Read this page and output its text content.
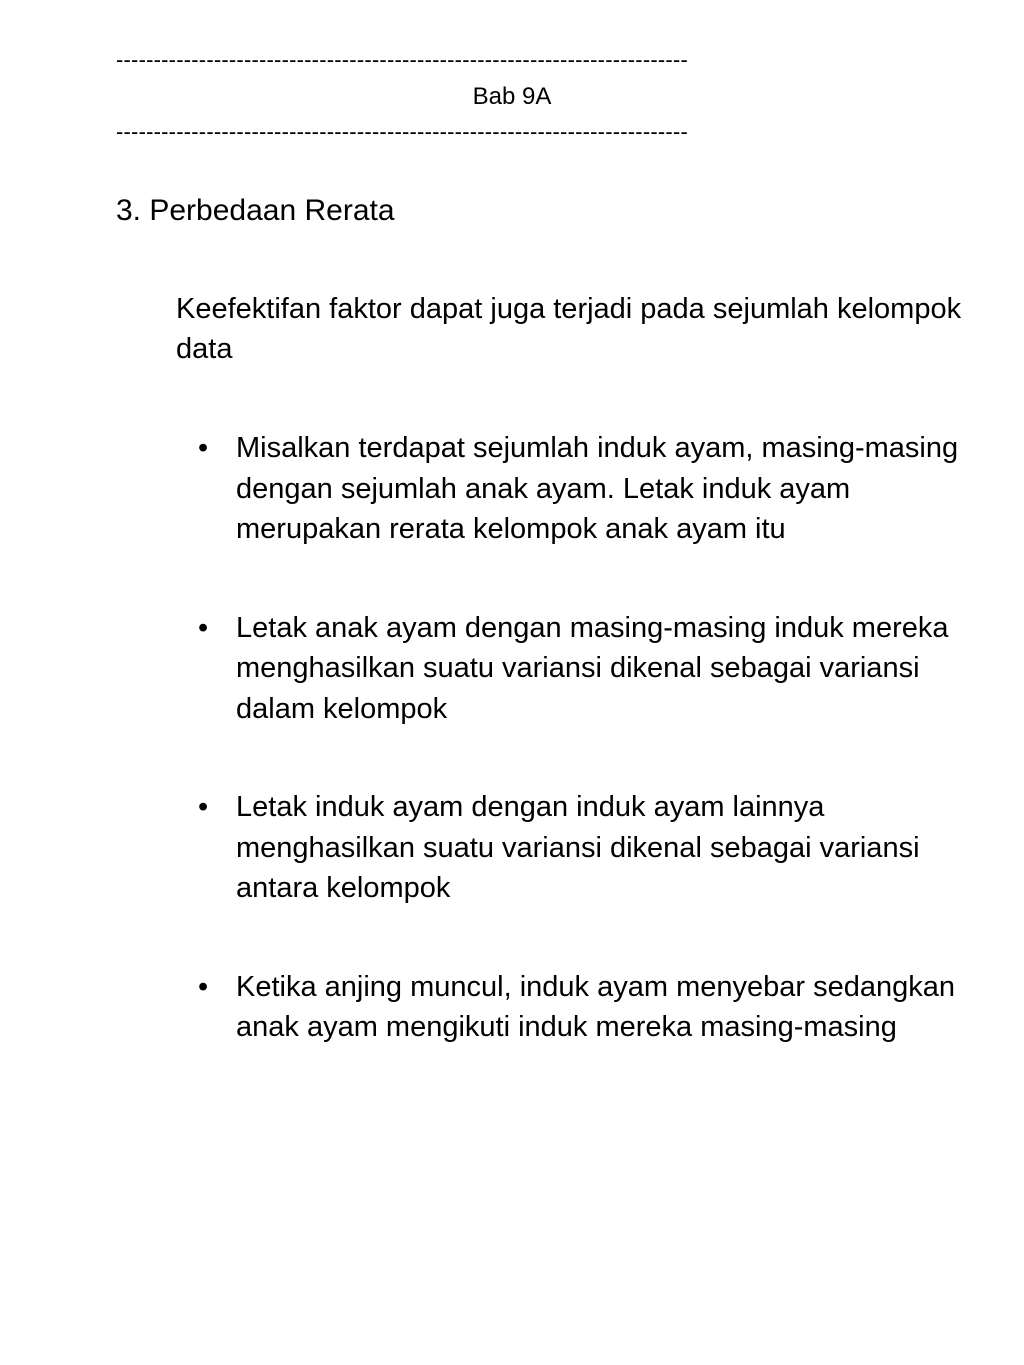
----------------------------------------------------------------------------
Bab 9A
----------------------------------------------------------------------------
3. Perbedaan Rerata
Keefektifan faktor dapat juga terjadi pada sejumlah kelompok data
• Misalkan terdapat sejumlah induk ayam, masing-masing dengan sejumlah anak ayam. Letak induk ayam merupakan rerata kelompok anak ayam itu
• Letak anak ayam dengan masing-masing induk mereka menghasilkan suatu variansi dikenal sebagai variansi dalam kelompok
• Letak induk ayam dengan induk ayam lainnya menghasilkan suatu variansi dikenal sebagai variansi antara kelompok
• Ketika anjing muncul, induk ayam menyebar sedangkan anak ayam mengikuti induk mereka masing-masing
